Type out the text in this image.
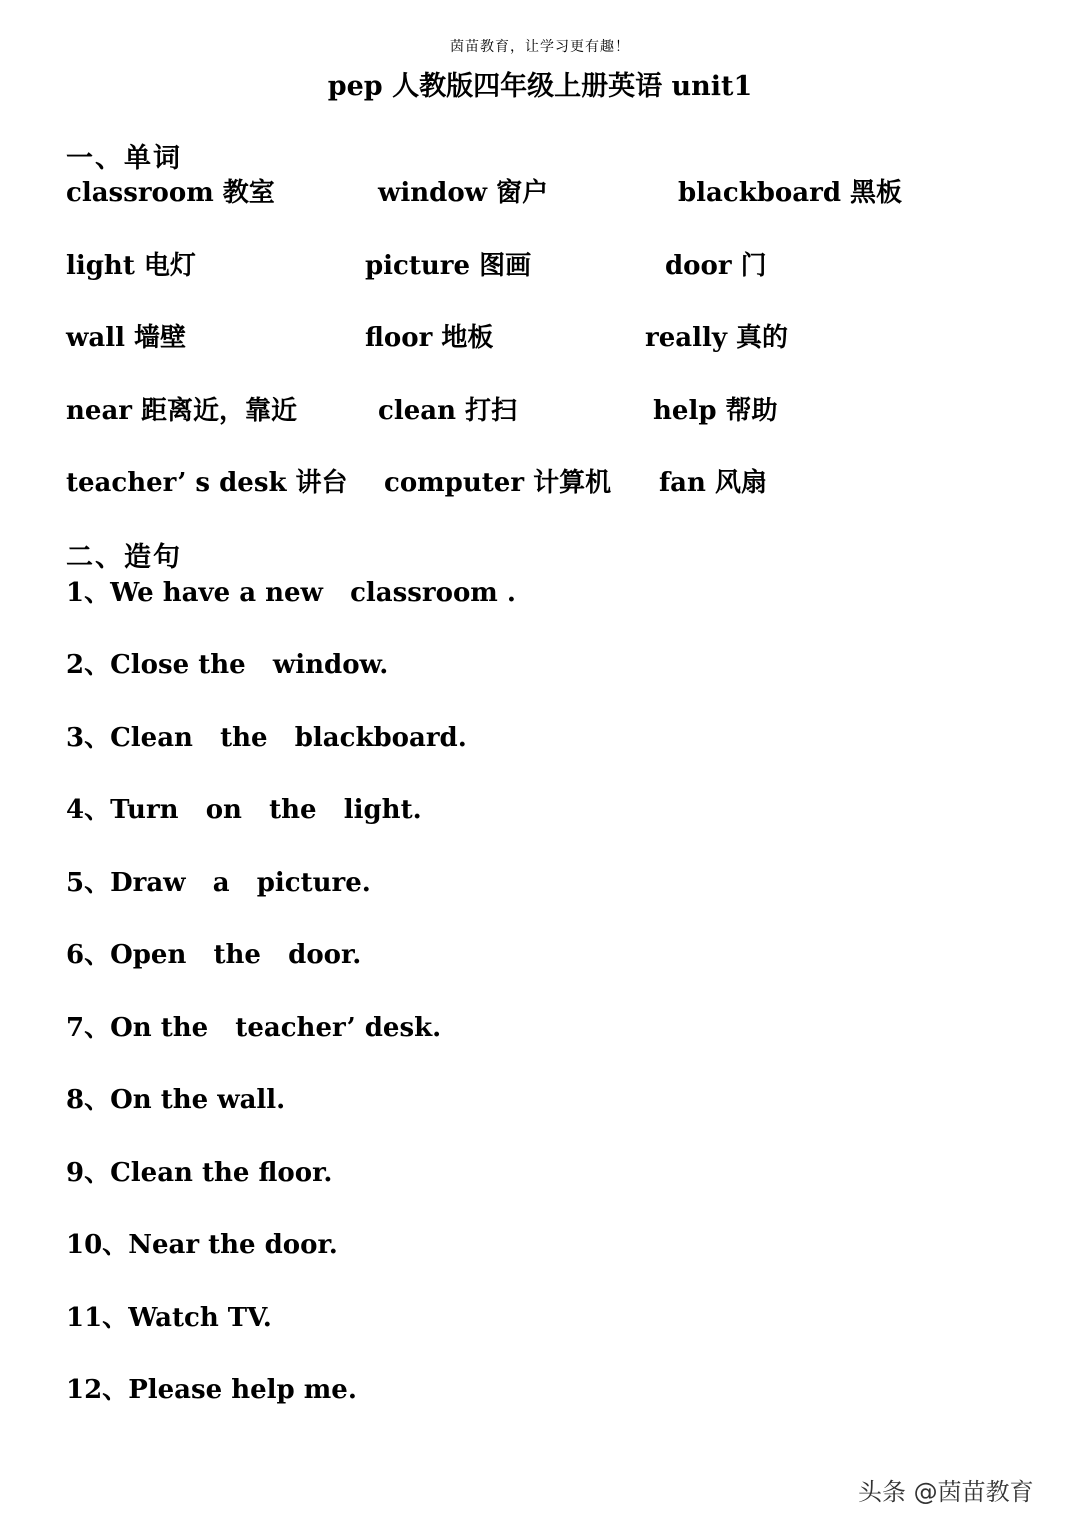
茵苗教育，让学习更有趣！
pep 人教版四年级上册英语 unit1
一、单词
classroom 教室	window 窗户	blackboard 黑板
light 电灯	picture 图画	door 门
wall 墙壁	floor 地板	really 真的
near 距离近，靠近	clean 打扫	help 帮助
teacher’ s desk 讲台 computer 计算机 fan 风扇
二、造句
1、We have a new   classroom .
2、Close the   window.
3、Clean   the   blackboard.
4、Turn   on   the   light.
5、Draw   a   picture.
6、Open   the   door.
7、On the   teacher’ desk.
8、On the wall.
9、Clean the floor.
10、Near the door.
11、Watch TV.
12、Please help me.
头条 @茵苗教育
